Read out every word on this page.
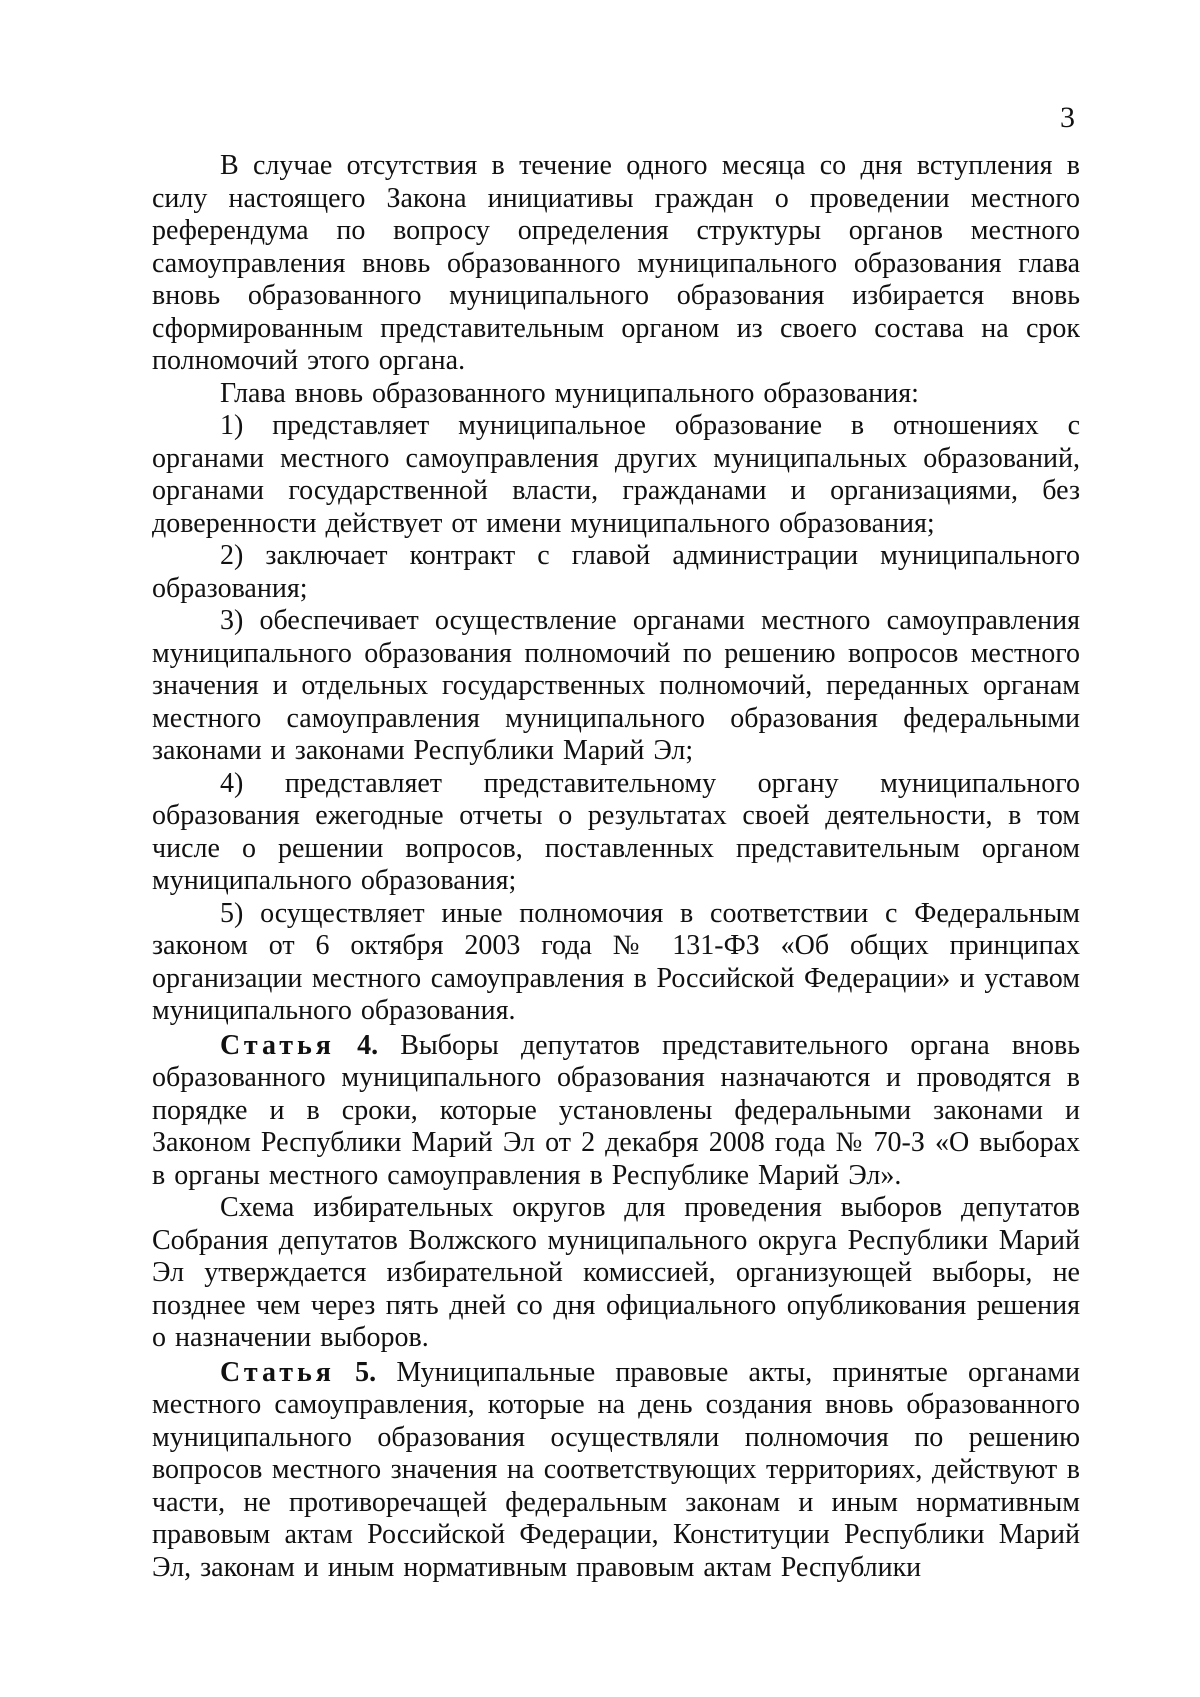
3

В случае отсутствия в течение одного месяца со дня вступления в силу настоящего Закона инициативы граждан о проведении местного референдума по вопросу определения структуры органов местного самоуправления вновь образованного муниципального образования глава вновь образованного муниципального образования избирается вновь сформированным представительным органом из своего состава на срок полномочий этого органа.

Глава вновь образованного муниципального образования:

1) представляет муниципальное образование в отношениях с органами местного самоуправления других муниципальных образований, органами государственной власти, гражданами и организациями, без доверенности действует от имени муниципального образования;

2) заключает контракт с главой администрации муниципального образования;

3) обеспечивает осуществление органами местного самоуправления муниципального образования полномочий по решению вопросов местного значения и отдельных государственных полномочий, переданных органам местного самоуправления муниципального образования федеральными законами и законами Республики Марий Эл;

4) представляет представительному органу муниципального образования ежегодные отчеты о результатах своей деятельности, в том числе о решении вопросов, поставленных представительным органом муниципального образования;

5) осуществляет иные полномочия в соответствии с Федеральным законом от 6 октября 2003 года № 131-ФЗ «Об общих принципах организации местного самоуправления в Российской Федерации» и уставом муниципального образования.

Статья 4. Выборы депутатов представительного органа вновь образованного муниципального образования назначаются и проводятся в порядке и в сроки, которые установлены федеральными законами и Законом Республики Марий Эл от 2 декабря 2008 года № 70-З «О выборах в органы местного самоуправления в Республике Марий Эл».

Схема избирательных округов для проведения выборов депутатов Собрания депутатов Волжского муниципального округа Республики Марий Эл утверждается избирательной комиссией, организующей выборы, не позднее чем через пять дней со дня официального опубликования решения о назначении выборов.

Статья 5. Муниципальные правовые акты, принятые органами местного самоуправления, которые на день создания вновь образованного муниципального образования осуществляли полномочия по решению вопросов местного значения на соответствующих территориях, действуют в части, не противоречащей федеральным законам и иным нормативным правовым актам Российской Федерации, Конституции Республики Марий Эл, законам и иным нормативным правовым актам Республики
